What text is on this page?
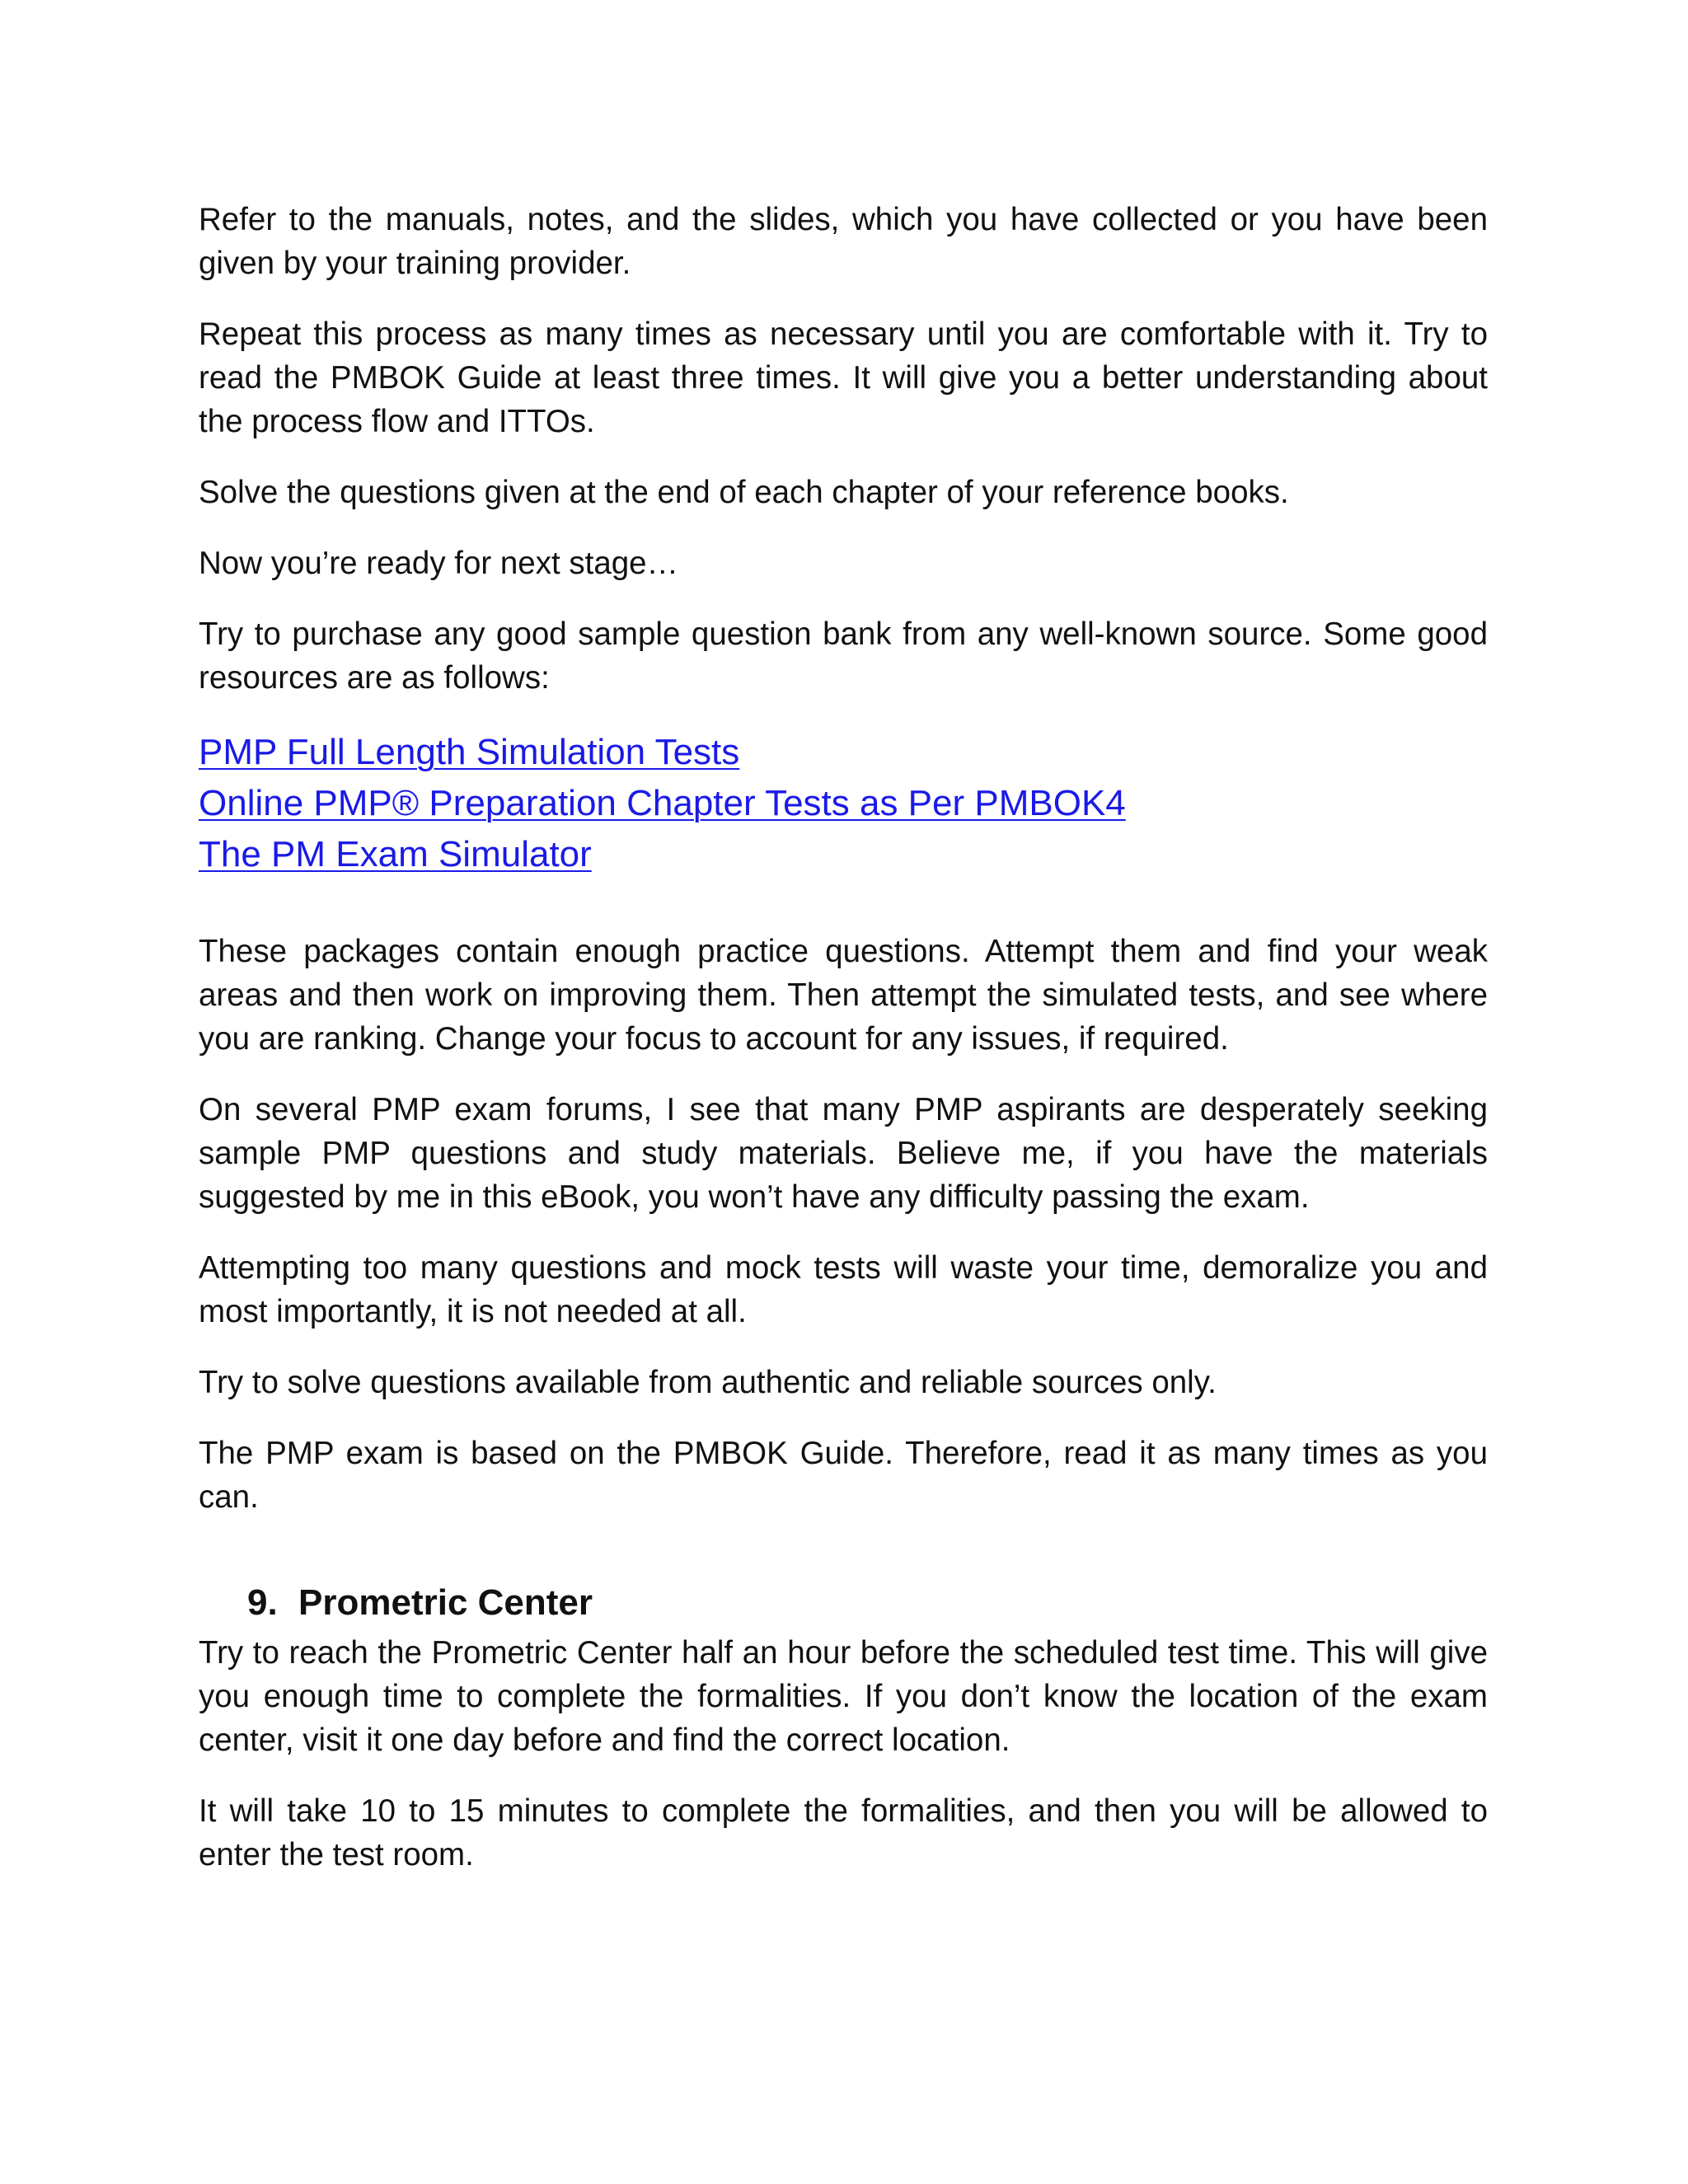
Refer to the manuals, notes, and the slides, which you have collected or you have been given by your training provider.

Repeat this process as many times as necessary until you are comfortable with it. Try to read the PMBOK Guide at least three times. It will give you a better understanding about the process flow and ITTOs.

Solve the questions given at the end of each chapter of your reference books.

Now you’re ready for next stage…

Try to purchase any good sample question bank from any well-known source. Some good resources are as follows:

PMP Full Length Simulation Tests
Online PMP® Preparation Chapter Tests as Per PMBOK4
The PM Exam Simulator

These packages contain enough practice questions. Attempt them and find your weak areas and then work on improving them. Then attempt the simulated tests, and see where you are ranking. Change your focus to account for any issues, if required.

On several PMP exam forums, I see that many PMP aspirants are desperately seeking sample PMP questions and study materials. Believe me, if you have the materials suggested by me in this eBook, you won’t have any difficulty passing the exam.

Attempting too many questions and mock tests will waste your time, demoralize you and most importantly, it is not needed at all.

Try to solve questions available from authentic and reliable sources only.

The PMP exam is based on the PMBOK Guide. Therefore, read it as many times as you can.

9. Prometric Center

Try to reach the Prometric Center half an hour before the scheduled test time. This will give you enough time to complete the formalities. If you don’t know the location of the exam center, visit it one day before and find the correct location.

It will take 10 to 15 minutes to complete the formalities, and then you will be allowed to enter the test room.
